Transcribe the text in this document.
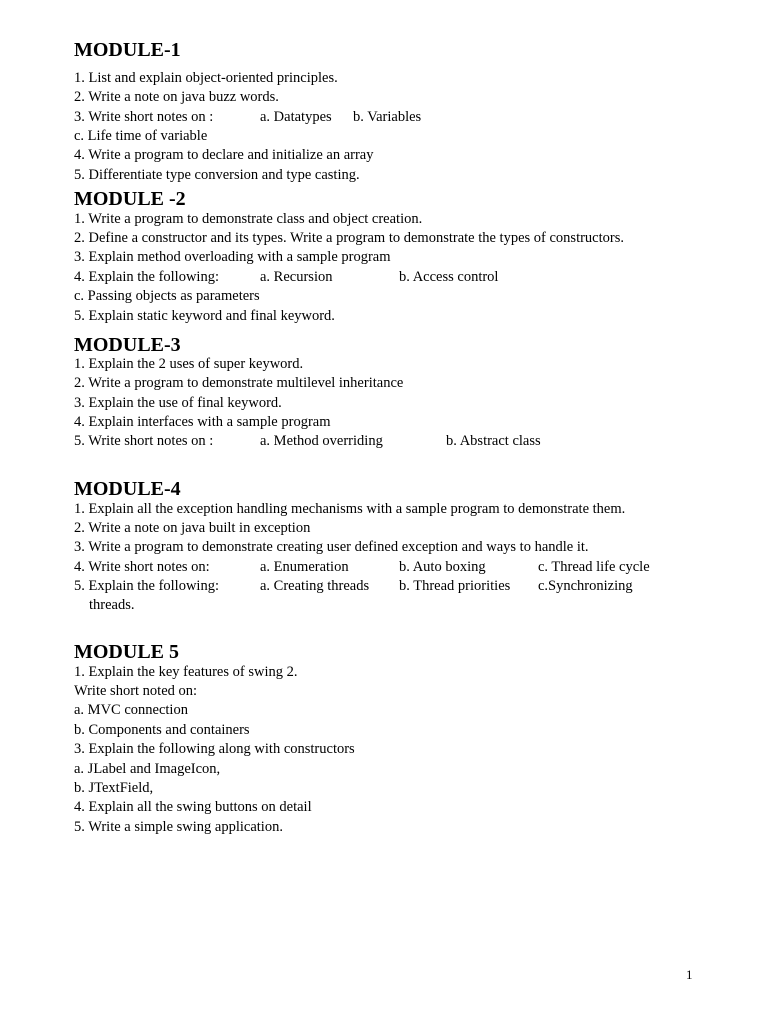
MODULE-1
1. List and explain object-oriented principles.
2. Write a note on java buzz words.
3. Write short notes on :	a. Datatypes b. Variables
c. Life time of variable
4. Write a program to declare and initialize an array
5. Differentiate type conversion and type casting.
MODULE -2
1. Write a program to demonstrate class and object creation.
2. Define a constructor and its types. Write a program to demonstrate the types of constructors.
3. Explain method overloading with a sample program
4. Explain the following:	a. Recursion	b. Access control
c. Passing objects as parameters
5. Explain static keyword and final keyword.
MODULE-3
1. Explain the 2 uses of super keyword.
2. Write a program to demonstrate multilevel inheritance
3. Explain the use of final keyword.
4. Explain interfaces with a sample program
5. Write short notes on :	a. Method overriding	b. Abstract class
MODULE-4
1. Explain all the exception handling mechanisms with a sample program to demonstrate them.
2. Write a note on java built in exception
3. Write a program to demonstrate creating user defined exception and ways to handle it.
4. Write short notes on:	a. Enumeration	b. Auto boxing	c. Thread life cycle
5. Explain the following:	a. Creating threads b. Thread priorities c.Synchronizing
threads.
MODULE 5
1. Explain the key features of swing 2.
Write short noted on:
a. MVC connection
b. Components and containers
3. Explain the following along with constructors
a. JLabel and ImageIcon,
b. JTextField,
4. Explain all the swing buttons on detail
5. Write a simple swing application.
1
